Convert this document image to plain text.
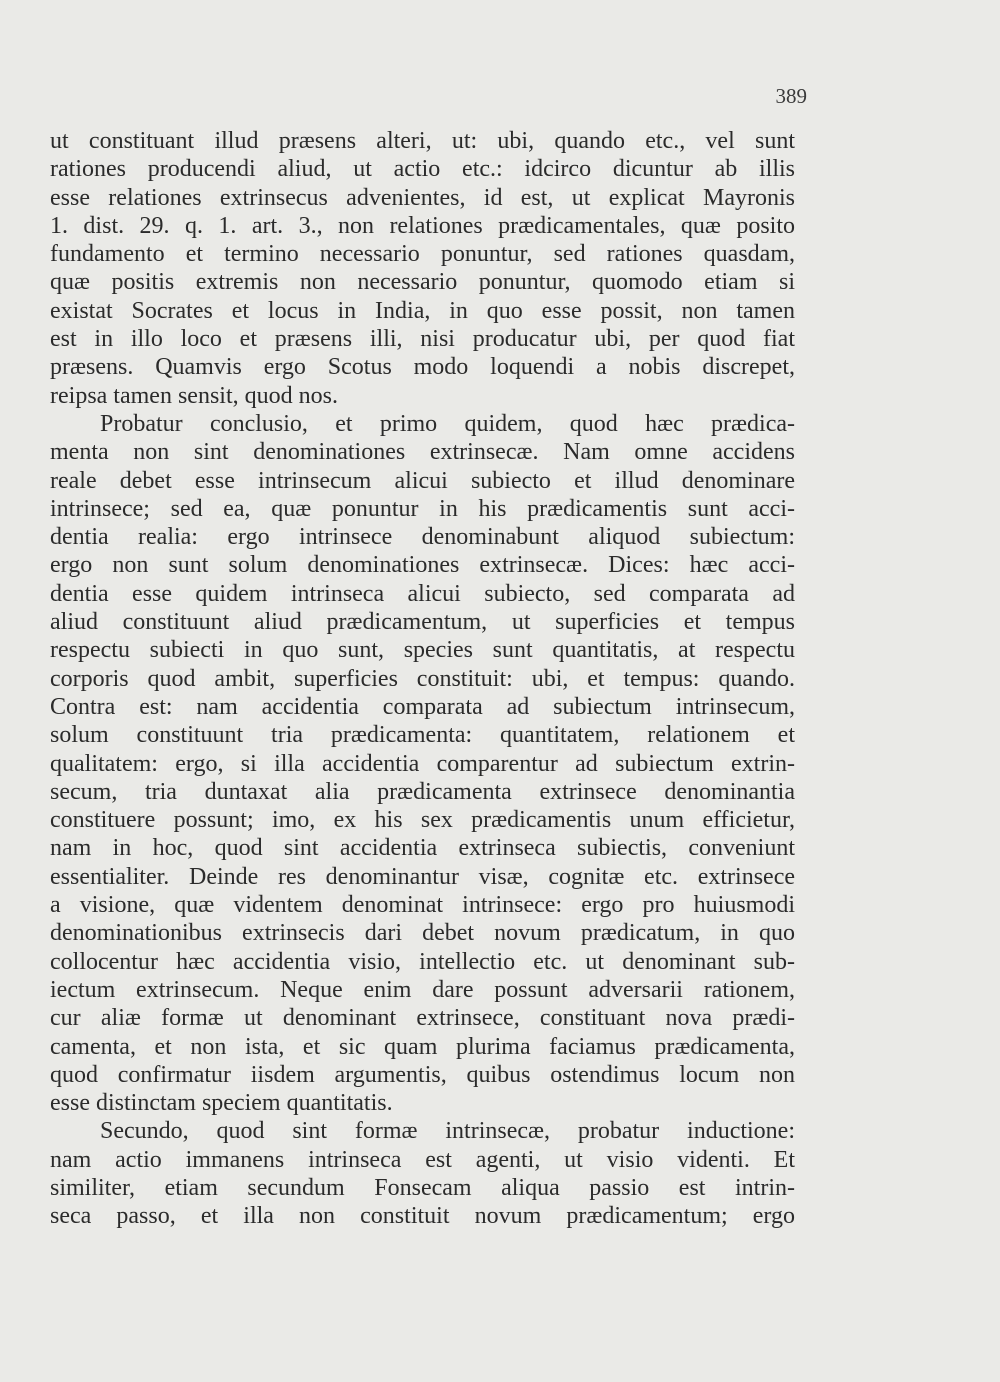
389
ut constituant illud præsens alteri, ut: ubi, quando etc., vel sunt
rationes producendi aliud, ut actio etc.: idcirco dicuntur ab illis
esse relationes extrinsecus advenientes, id est, ut explicat Mayronis
1. dist. 29. q. 1. art. 3., non relationes prædicamentales, quæ posito
fundamento et termino necessario ponuntur, sed rationes quasdam,
quæ positis extremis non necessario ponuntur, quomodo etiam si
existat Socrates et locus in India, in quo esse possit, non tamen
est in illo loco et præsens illi, nisi producatur ubi, per quod fiat
præsens. Quamvis ergo Scotus modo loquendi a nobis discrepet,
reipsa tamen sensit, quod nos.
Probatur conclusio, et primo quidem, quod hæc prædica-
menta non sint denominationes extrinsecæ. Nam omne accidens
reale debet esse intrinsecum alicui subiecto et illud denominare
intrinsece; sed ea, quæ ponuntur in his prædicamentis sunt acci-
dentia realia: ergo intrinsece denominabunt aliquod subiectum:
ergo non sunt solum denominationes extrinsecæ. Dices: hæc acci-
dentia esse quidem intrinseca alicui subiecto, sed comparata ad
aliud constituunt aliud prædicamentum, ut superficies et tempus
respectu subiecti in quo sunt, species sunt quantitatis, at respectu
corporis quod ambit, superficies constituit: ubi, et tempus: quando.
Contra est: nam accidentia comparata ad subiectum intrinsecum,
solum constituunt tria prædicamenta: quantitatem, relationem et
qualitatem: ergo, si illa accidentia comparentur ad subiectum extrin-
secum, tria duntaxat alia prædicamenta extrinsece denominantia
constituere possunt; imo, ex his sex prædicamentis unum efficietur,
nam in hoc, quod sint accidentia extrinseca subiectis, conveniunt
essentialiter. Deinde res denominantur visæ, cognitæ etc. extrinsece
a visione, quæ videntem denominat intrinsece: ergo pro huiusmodi
denominationibus extrinsecis dari debet novum prædicatum, in quo
collocentur hæc accidentia visio, intellectio etc. ut denominant sub-
iectum extrinsecum. Neque enim dare possunt adversarii rationem,
cur aliæ formæ ut denominant extrinsece, constituant nova prædi-
camenta, et non ista, et sic quam plurima faciamus prædicamenta,
quod confirmatur iisdem argumentis, quibus ostendimus locum non
esse distinctam speciem quantitatis.
Secundo, quod sint formæ intrinsecæ, probatur inductione:
nam actio immanens intrinseca est agenti, ut visio videnti. Et
similiter, etiam secundum Fonsecam aliqua passio est intrin-
seca passo, et illa non constituit novum prædicamentum; ergo
